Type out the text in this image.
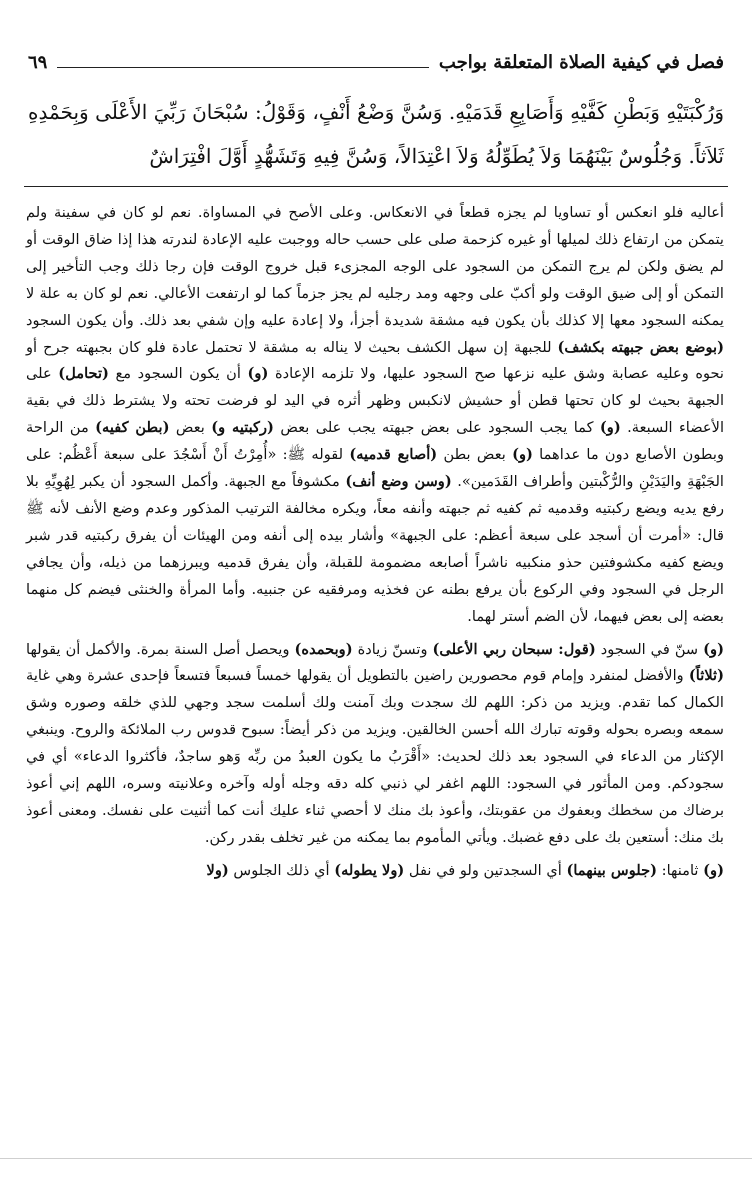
فصل في كيفية الصلاة المتعلقة بواجب
٦٩

وَرُكْبَتَيْهِ وَبَطْنِ كَفَّيْهِ وَأَصَابِعِ قَدَمَيْهِ. وَسُنَّ وَضْعُ أَنْفٍ، وَقَوْلُ: سُبْحَانَ رَبِّيَ الأَعْلَى وَبِحَمْدِهِ ثَلاَثاً. وَجُلُوسٌ بَيْنَهُمَا وَلاَ يُطَوِّلُهُ وَلاَ اعْتِدَالاً، وَسُنَّ فِيهِ وَتَشَهُّدٍ أَوَّلَ افْتِرَاشٌ

أعاليه فلو انعكس أو تساويا لم يجزه قطعاً في الانعكاس. وعلى الأصح في المساواة. نعم لو كان في سفينة ولم يتمكن من ارتفاع ذلك لميلها أو غيره كزحمة صلى على حسب حاله ووجبت عليه الإعادة لندرته هذا إذا ضاق الوقت أو لم يضق ولكن لم يرج التمكن من السجود على الوجه المجزىء قبل خروج الوقت فإن رجا ذلك وجب التأخير إلى التمكن أو إلى ضيق الوقت ولو أكبّ على وجهه ومد رجليه لم يجز جزماً كما لو ارتفعت الأعالي. نعم لو كان به علة لا يمكنه السجود معها إلا كذلك بأن يكون فيه مشقة شديدة أجزأ، ولا إعادة عليه وإن شفي بعد ذلك. وأن يكون السجود (بوضع بعض جبهته بكشف) للجبهة إن سهل الكشف بحيث لا يناله به مشقة لا تحتمل عادة فلو كان بجبهته جرح أو نحوه وعليه عصابة وشق عليه نزعها صح السجود عليها، ولا تلزمه الإعادة (و) أن يكون السجود مع (تحامل) على الجبهة بحيث لو كان تحتها قطن أو حشيش لانكبس وظهر أثره في اليد لو فرضت تحته ولا يشترط ذلك في بقية الأعضاء السبعة. (و) كما يجب السجود على بعض جبهته يجب على بعض (ركبتيه و) بعض (بطن كفيه) من الراحة وبطون الأصابع دون ما عداهما (و) بعض بطن (أصابع قدميه) لقوله ﷺ: «أُمِرْتُ أَنْ أَسْجُدَ على سبعة أَعْظُم: على الجَبْهَةِ واليَدَيْنِ والرُّكْبتين وأطراف القَدَمين». (وسن وضع أنف) مكشوفاً مع الجبهة. وأكمل السجود أن يكبر لِهُوِيِّهِ بلا رفع يديه ويضع ركبتيه وقدميه ثم كفيه ثم جبهته وأنفه معاً، ويكره مخالفة الترتيب المذكور وعدم وضع الأنف لأنه ﷺ قال: «أمرت أن أسجد على سبعة أعظم: على الجبهة» وأشار بيده إلى أنفه ومن الهيئات أن يفرق ركبتيه قدر شبر ويضع كفيه مكشوفتين حذو منكبيه ناشراً أصابعه مضمومة للقبلة، وأن يفرق قدميه ويبرزهما من ذيله، وأن يجافي الرجل في السجود وفي الركوع بأن يرفع بطنه عن فخذيه ومرفقيه عن جنبيه. وأما المرأة والخنثى فيضم كل منهما بعضه إلى بعض فيهما، لأن الضم أستر لهما.

(و) سنّ في السجود (قول: سبحان ربي الأعلى) وتسنّ زيادة (وبحمده) ويحصل أصل السنة بمرة. والأكمل أن يقولها (ثلاثاً) والأفضل لمنفرد وإمام قوم محصورين راضين بالتطويل أن يقولها خمساً فسبعاً فتسعاً فإحدى عشرة وهي غاية الكمال كما تقدم. ويزيد من ذكر: اللهم لك سجدت وبك آمنت ولك أسلمت سجد وجهي للذي خلقه وصوره وشق سمعه وبصره بحوله وقوته تبارك الله أحسن الخالقين. ويزيد من ذكر أيضاً: سبوح قدوس رب الملائكة والروح. وينبغي الإكثار من الدعاء في السجود بعد ذلك لحديث: «أَقْرَبُ ما يكون العبدُ من ربِّه وَهو ساجدٌ، فأكثروا الدعاء» أي في سجودكم. ومن المأثور في السجود: اللهم اغفر لي ذنبي كله دقه وجله أوله وآخره وعلانيته وسره، اللهم إني أعوذ برضاك من سخطك وبعفوك من عقوبتك، وأعوذ بك منك لا أحصي ثناء عليك أنت كما أثنيت على نفسك. ومعنى أعوذ بك منك: أستعين بك على دفع غضبك. ويأتي المأموم بما يمكنه من غير تخلف بقدر ركن.

(و) ثامنها: (جلوس بينهما) أي السجدتين ولو في نفل (ولا يطوله) أي ذلك الجلوس (ولا
